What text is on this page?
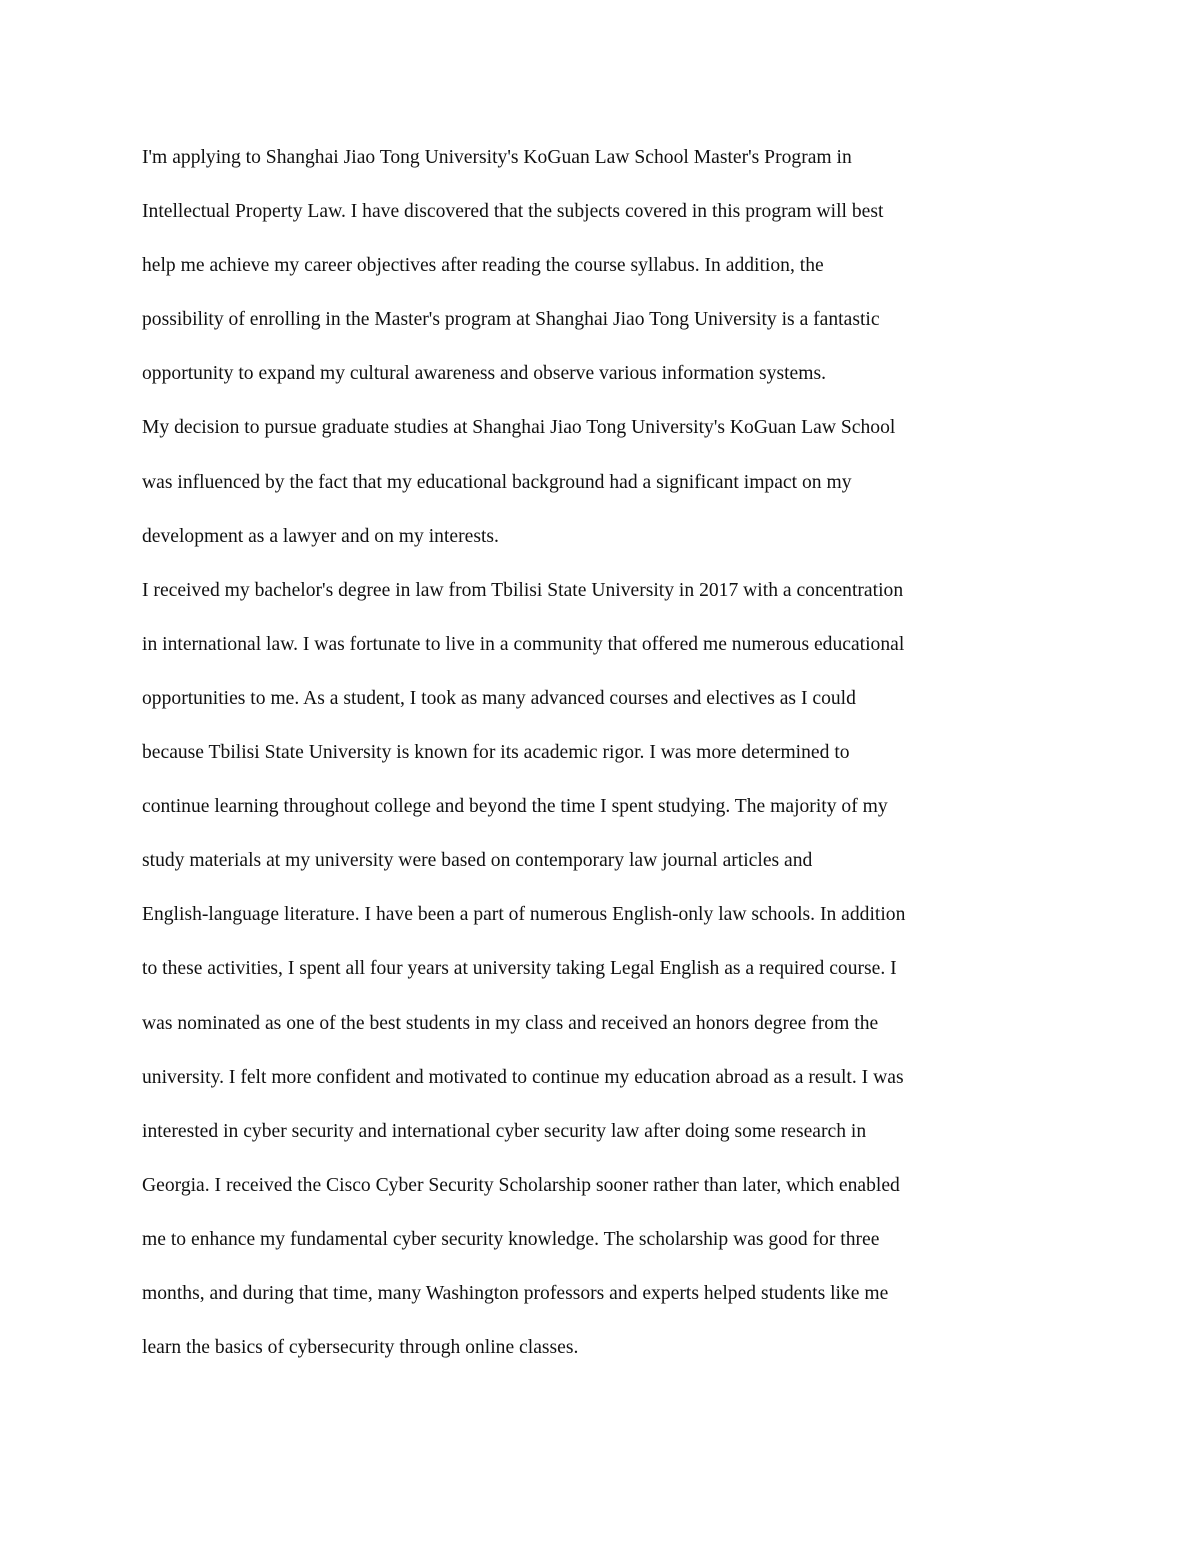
I'm applying to Shanghai Jiao Tong University's KoGuan Law School Master's Program in
Intellectual Property Law. I have discovered that the subjects covered in this program will best
help me achieve my career objectives after reading the course syllabus. In addition, the
possibility of enrolling in the Master's program at Shanghai Jiao Tong University is a fantastic
opportunity to expand my cultural awareness and observe various information systems.
My decision to pursue graduate studies at Shanghai Jiao Tong University's KoGuan Law School
was influenced by the fact that my educational background had a significant impact on my
development as a lawyer and on my interests.
I received my bachelor's degree in law from Tbilisi State University in 2017 with a concentration
in international law. I was fortunate to live in a community that offered me numerous educational
opportunities to me. As a student, I took as many advanced courses and electives as I could
because Tbilisi State University is known for its academic rigor. I was more determined to
continue learning throughout college and beyond the time I spent studying. The majority of my
study materials at my university were based on contemporary law journal articles and
English-language literature. I have been a part of numerous English-only law schools. In addition
to these activities, I spent all four years at university taking Legal English as a required course. I
was nominated as one of the best students in my class and received an honors degree from the
university. I felt more confident and motivated to continue my education abroad as a result. I was
interested in cyber security and international cyber security law after doing some research in
Georgia. I received the Cisco Cyber Security Scholarship sooner rather than later, which enabled
me to enhance my fundamental cyber security knowledge. The scholarship was good for three
months, and during that time, many Washington professors and experts helped students like me
learn the basics of cybersecurity through online classes.
